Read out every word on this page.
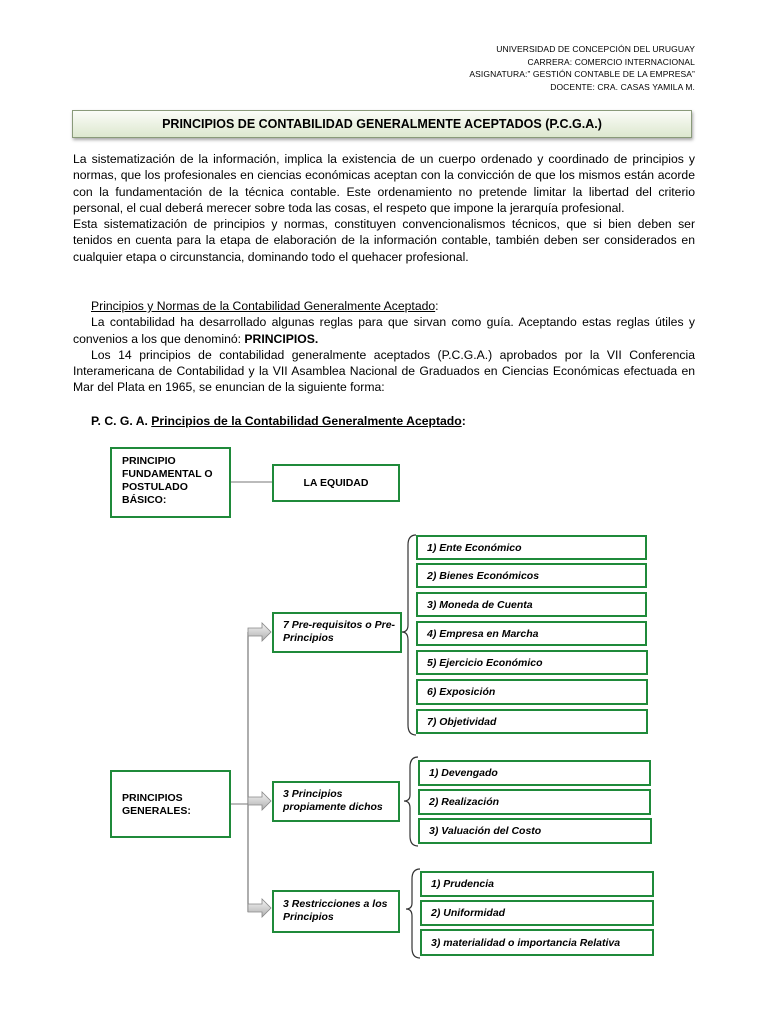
UNIVERSIDAD DE CONCEPCIÓN DEL URUGUAY
CARRERA: COMERCIO INTERNACIONAL
ASIGNATURA:” GESTIÓN CONTABLE DE LA EMPRESA”
DOCENTE: CRA. CASAS YAMILA M.
PRINCIPIOS DE CONTABILIDAD GENERALMENTE ACEPTADOS (P.C.G.A.)

La sistematización de la información, implica la existencia de un cuerpo ordenado y coordinado de principios y normas, que los profesionales en ciencias económicas aceptan con la convicción de que los mismos están acorde con la fundamentación de la técnica contable. Este ordenamiento no pretende limitar la libertad del criterio personal, el cual deberá merecer sobre toda las cosas, el respeto que impone la jerarquía profesional.

Esta sistematización de principios y normas, constituyen convencionalismos técnicos, que si bien deben ser tenidos en cuenta para la etapa de elaboración de la información contable, también deben ser considerados en cualquier etapa o circunstancia, dominando todo el quehacer profesional.

Principios y Normas de la Contabilidad Generalmente Aceptado:

La contabilidad ha desarrollado algunas reglas para que sirvan como guía. Aceptando estas reglas útiles y convenios a los que denominó: PRINCIPIOS.

Los 14 principios de contabilidad generalmente aceptados (P.C.G.A.) aprobados por la VII Conferencia Interamericana de Contabilidad y la VII Asamblea Nacional de Graduados en Ciencias Económicas efectuada en Mar del Plata en 1965, se enuncian de la siguiente forma:

P. C. G. A. Principios de la Contabilidad Generalmente Aceptado:
PRINCIPIO FUNDAMENTAL O POSTULADO BÁSICO:
LA EQUIDAD
PRINCIPIOS GENERALES:
7 Pre-requisitos o Pre-Principios
3 Principios propiamente dichos
3 Restricciones a los Principios
1) Ente Económico
2) Bienes Económicos
3) Moneda de Cuenta
4) Empresa en Marcha
5) Ejercicio Económico
6) Exposición
7) Objetividad
1) Devengado
2) Realización
3) Valuación del Costo
1) Prudencia
2) Uniformidad
3) materialidad o importancia Relativa
